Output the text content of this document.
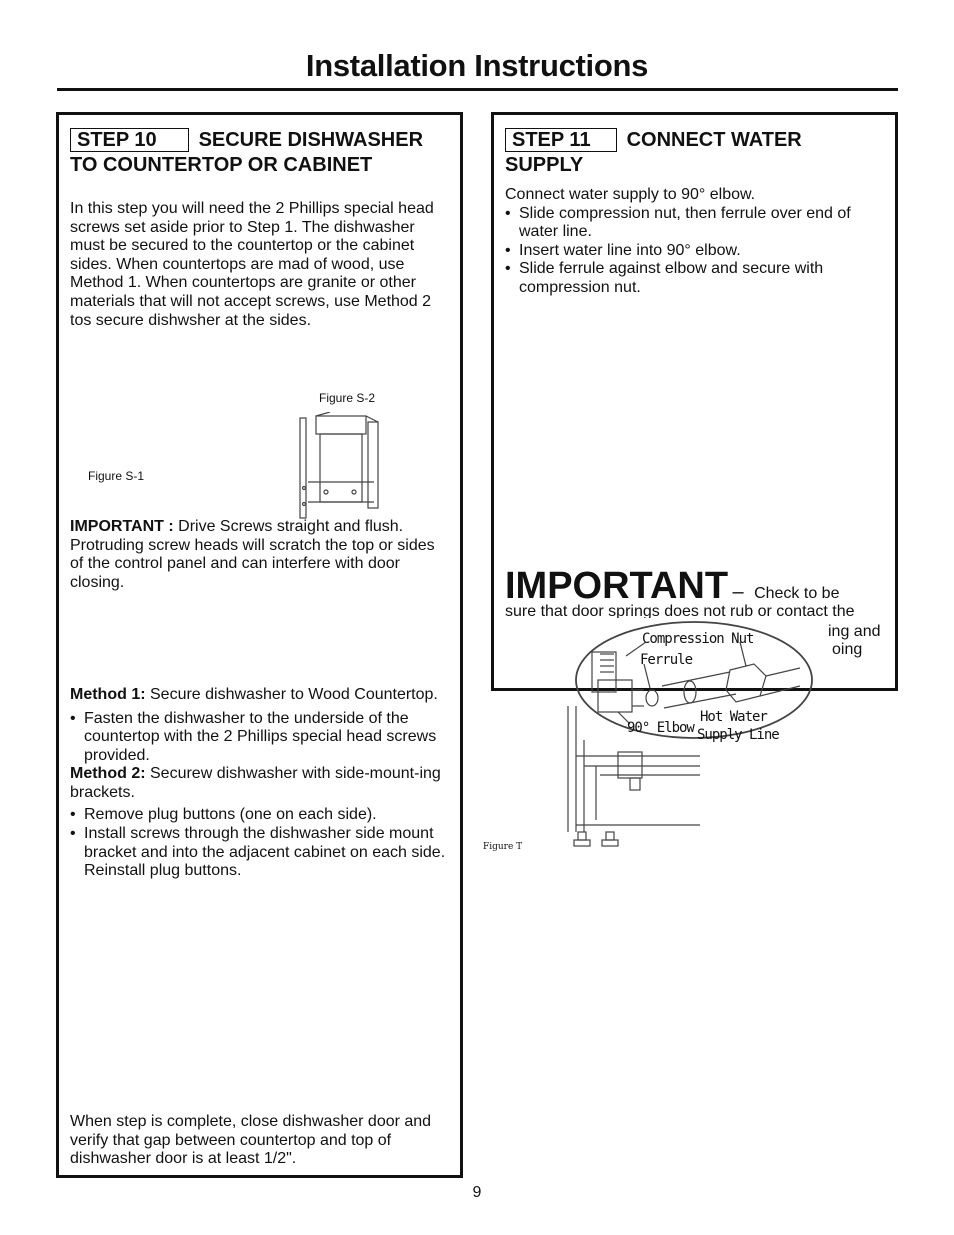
Installation Instructions
STEP 10 SECURE DISHWASHER
TO COUNTERTOP OR CABINET
In this step you will need the 2 Phillips special head screws set aside prior to Step 1. The dishwasher must be secured to the countertop or the cabinet sides. When countertops are mad of wood, use Method 1. When countertops are granite or other materials that will not accept screws, use Method 2 tos secure dishwsher at the sides.
Figure S-2
Figure S-1
IMPORTANT : Drive Screws straight and flush. Protruding screw heads will scratch the top or sides of the control panel and can interfere with door closing.
Method 1: Secure dishwasher to Wood Countertop.
• Fasten the dishwasher to the underside of the countertop with the 2 Phillips special head screws provided.
Method 2: Securew dishwasher with side-mount-ing brackets.
• Remove plug buttons (one on each side).
• Install screws through the dishwasher side mount bracket and into the adjacent cabinet on each side. Reinstall plug buttons.
When step is complete, close dishwasher door and verify that gap between countertop and top of dishwasher door is at least 1/2".
STEP 11 CONNECT WATER
SUPPLY
Connect water supply to 90° elbow.
• Slide compression nut, then ferrule over end of water line.
• Insert water line into 90° elbow.
• Slide ferrule against elbow and secure with compression nut.
IMPORTANT – Check to be
sure that door springs does not rub or contact the
ing and
oing
Compression Nut
Ferrule
90° Elbow
Hot Water
Supply Line
Figure T
9
